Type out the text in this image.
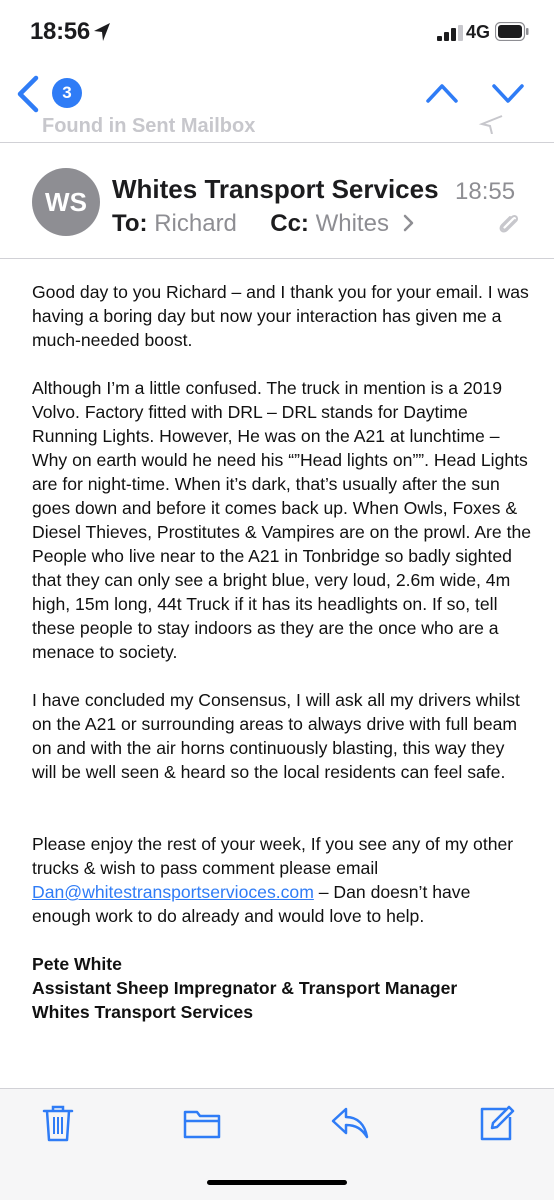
18:56	4G
3
Found in Sent Mailbox
WS Whites Transport Services 18:55
To: Richard Cc: Whites

Good day to you Richard – and I thank you for your email. I was having a boring day but now your interaction has given me a much-needed boost.

Although I’m a little confused. The truck in mention is a 2019 Volvo. Factory fitted with DRL – DRL stands for Daytime Running Lights. However, He was on the A21 at lunchtime – Why on earth would he need his “”Head lights on””. Head Lights are for night-time. When it’s dark, that’s usually after the sun goes down and before it comes back up. When Owls, Foxes & Diesel Thieves, Prostitutes & Vampires are on the prowl. Are the People who live near to the A21 in Tonbridge so badly sighted that they can only see a bright blue, very loud, 2.6m wide, 4m high, 15m long, 44t Truck if it has its headlights on. If so, tell these people to stay indoors as they are the once who are a menace to society.

I have concluded my Consensus, I will ask all my drivers whilst on the A21 or surrounding areas to always drive with full beam on and with the air horns continuously blasting, this way they will be well seen & heard so the local residents can feel safe.

Please enjoy the rest of your week, If you see any of my other trucks & wish to pass comment please email Dan@whitestransportservioces.com – Dan doesn’t have enough work to do already and would love to help.

Pete White

Assistant Sheep Impregnator & Transport Manager

Whites Transport Services
